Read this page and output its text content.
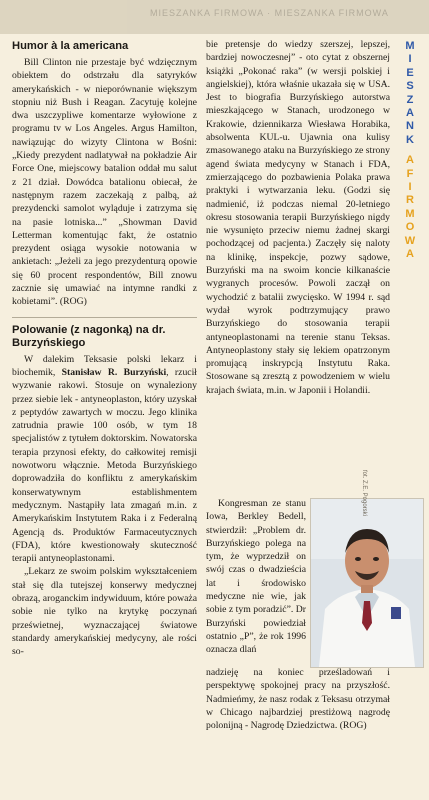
MIESZANKA FIRMOWA · MIESZANKA FIRMOWA
M
I
E
S
Z
A
N
K
A
F
I
R
M
O
W
A
Humor à la americana

Bill Clinton nie przestaje być wdzięcznym obiektem do odstrzału dla satyryków amerykańskich - w nieporównanie większym stopniu niż Bush i Reagan. Zacytuję kolejne dwa uszczypliwe komentarze wyłowione z programu tv w Los Angeles. Argus Hamilton, nawiązując do wizyty Clintona w Bośni: „Kiedy prezydent nadlatywał na pokładzie Air Force One, miejscowy batalion oddał mu salut z 21 dział. Dowódca batalionu obiecał, że następnym razem zaczekają z palbą, aż prezydencki samolot wyląduje i zatrzyma się na pasie lotniska...” „Showman David Letterman komentując fakt, że ostatnio prezydent osiąga wysokie notowania w ankietach: „Jeżeli za jego prezydenturą opowie się 60 procent respondentów, Bill znowu zacznie się umawiać na intymne randki z kobietami”. (ROG)

Polowanie (z nagonką) na dr. Burzyńskiego

W dalekim Teksasie polski lekarz i biochemik, Stanisław R. Burzyński, rzucił wyzwanie rakowi. Stosuje on wynaleziony przez siebie lek - antyneoplaston, który uzyskał z peptydów zawartych w moczu. Jego klinika zatrudnia prawie 100 osób, w tym 18 specjalistów z tytułem doktorskim. Nowatorska terapia przynosi efekty, do całkowitej remisji nowotworu włącznie. Metoda Burzyńskiego doprowadziła do konfliktu z amerykańskim konserwatywnym establishmentem medycznym. Nastąpiły lata zmagań m.in. z Amerykańskim Instytutem Raka i z Federalną Agencją ds. Produktów Farmaceutycznych (FDA), które kwestionowały skuteczność terapii antyneoplastonami.

„Lekarz ze swoim polskim wykształceniem stał się dla tutejszej konserwy medycznej obrazą, aroganckim indywiduum, które poważa sobie nie tylko na krytykę poczynań prześwietnej, wyznaczającej światowe standardy amerykańskiej medycyny, ale rości so-

bie pretensje do wiedzy szerszej, lepszej, bardziej nowoczesnej” - oto cytat z obszernej książki „Pokonać raka” (w wersji polskiej i angielskiej), która właśnie ukazała się w USA. Jest to biografia Burzyńskiego autorstwa mieszkającego w Stanach, urodzonego w Krakowie, dziennikarza Wiesława Horabika, absolwenta KUL-u. Ujawnia ona kulisy zmasowanego ataku na Burzyńskiego ze strony agend świata medycyny w Stanach i FDA, zmierzającego do pozbawienia Polaka prawa praktyki i wytwarzania leku. (Godzi się nadmienić, iż podczas niemal 20-letniego okresu stosowania terapii Burzyńskiego nigdy nie wysunięto przeciw niemu żadnej skargi pochodzącej od pacjenta.) Zaczęły się naloty na klinikę, inspekcje, pozwy sądowe, Burzyński ma na swoim koncie kilkanaście wygranych procesów. Powoli zaczął on wychodzić z batalii zwycięsko. W 1994 r. sąd wydał wyrok podtrzymujący prawo Burzyńskiego do stosowania terapii antyneoplastonami na terenie stanu Teksas. Antyneoplastony stały się lekiem opatrzonym promującą inskrypcją Instytutu Raka. Stosowane są zresztą z powodzeniem w wielu krajach świata, m.in. w Japonii i Holandii.

Kongresman ze stanu Iowa, Berkley Bedell, stwierdził: „Problem dr. Burzyńskiego polega na tym, że wyprzedził on swój czas o dwadzieścia lat i środowisko medyczne nie wie, jak sobie z tym poradzić”. Dr Burzyński powiedział ostatnio „P”, że rok 1996 oznacza dlań

fot. Z.E. Pogorski

nadzieję na koniec prześladowań i perspektywę spokojnej pracy na przyszłość. Nadmieńmy, że nasz rodak z Teksasu otrzymał w Chicago najbardziej prestiżową nagrodę polonijną - Nagrodę Dziedzictwa. (ROG)
